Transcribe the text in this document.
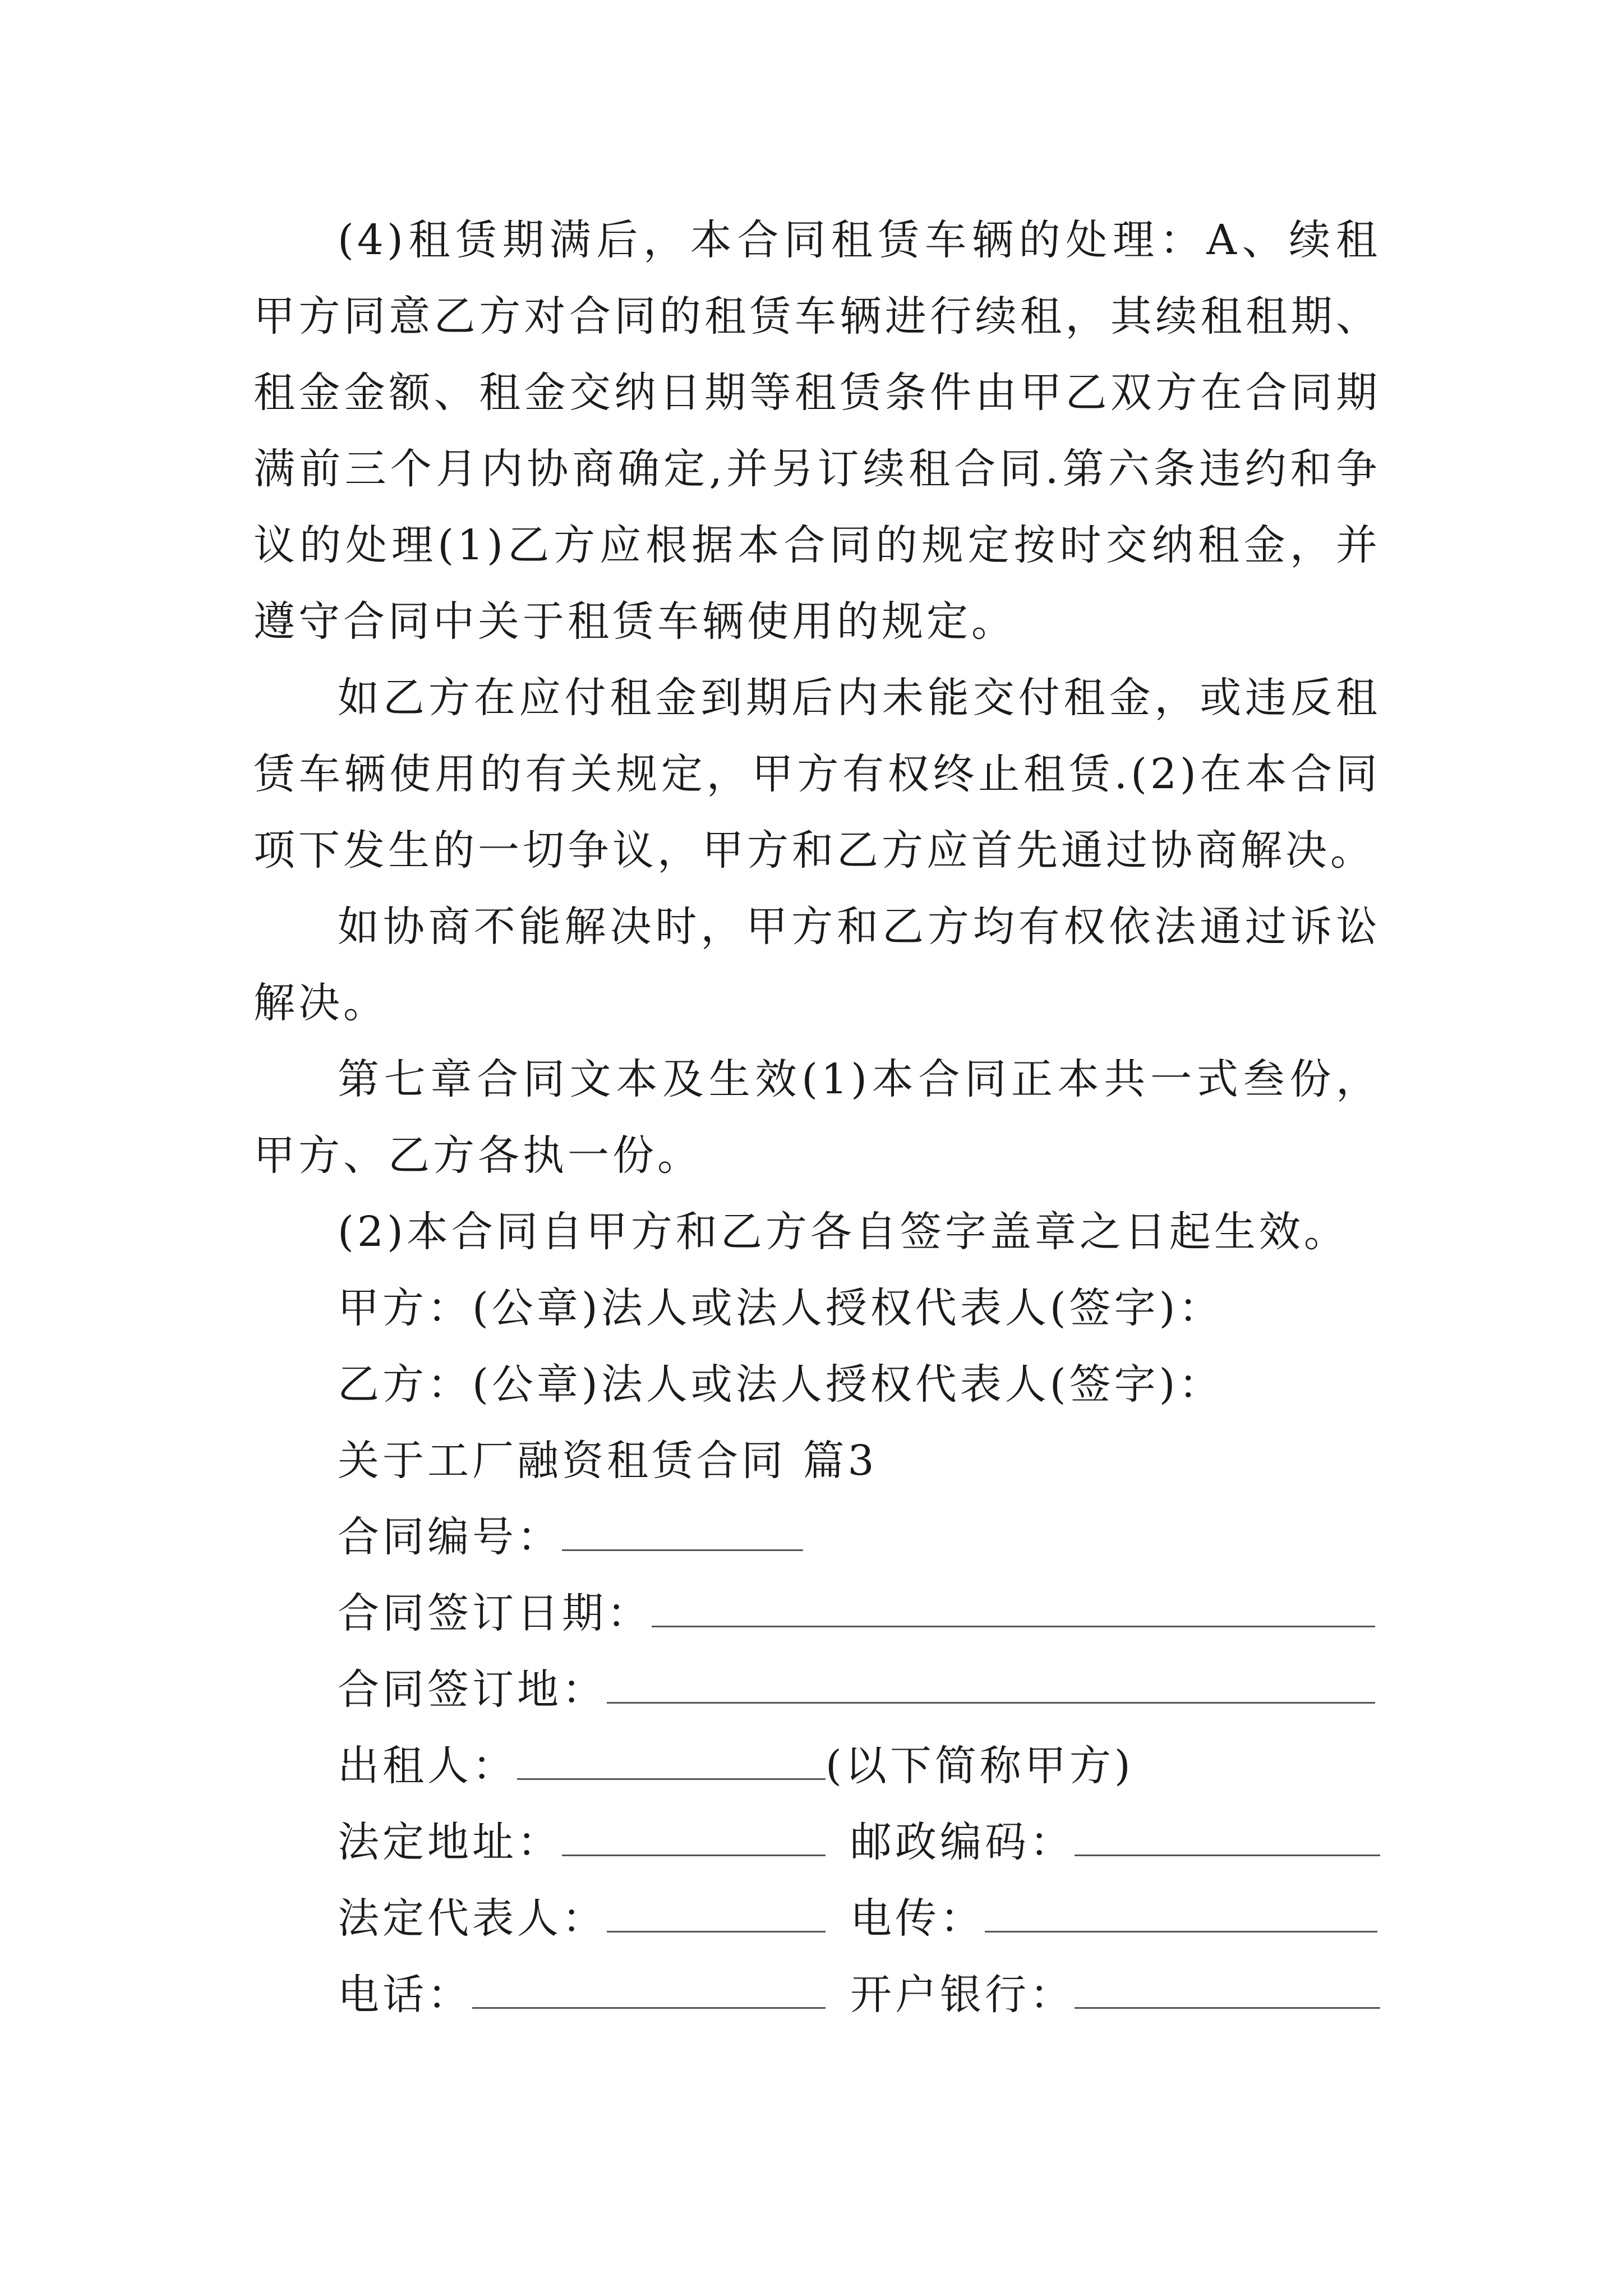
(4)租赁期满后，本合同租赁车辆的处理：A、续租甲方同意乙方对合同的租赁车辆进行续租，其续租租期、租金金额、租金交纳日期等租赁条件由甲乙双方在合同期满前三个月内协商确定,并另订续租合同.第六条违约和争议的处理(1)乙方应根据本合同的规定按时交纳租金，并遵守合同中关于租赁车辆使用的规定。

如乙方在应付租金到期后内未能交付租金，或违反租赁车辆使用的有关规定，甲方有权终止租赁.(2)在本合同项下发生的一切争议，甲方和乙方应首先通过协商解决。

如协商不能解决时，甲方和乙方均有权依法通过诉讼解决。

第七章合同文本及生效(1)本合同正本共一式叁份，甲方、乙方各执一份。

(2)本合同自甲方和乙方各自签字盖章之日起生效。

甲方：(公章)法人或法人授权代表人(签字)：

乙方：(公章)法人或法人授权代表人(签字)：

关于工厂融资租赁合同 篇3

合同编号：

合同签订日期：

合同签订地：

出租人：	(以下简称甲方)

法定地址：	邮政编码：

法定代表人：	电传：

电话：	开户银行：
